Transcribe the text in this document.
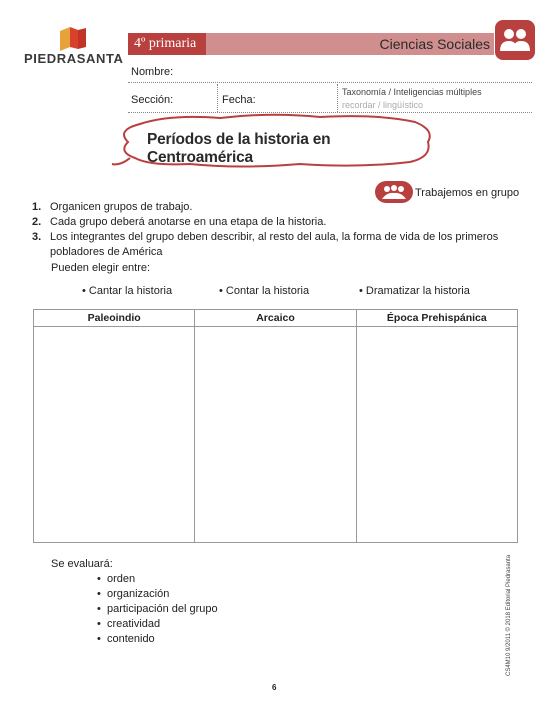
PIEDRASANTA
4º primaria	Ciencias Sociales
Nombre:
Sección:	Fecha:
Taxonomía / Inteligencias múltiples
recordar / lingüístico
Períodos de la historia en Centroamérica
Trabajemos en grupo
1. Organicen grupos de trabajo.
2. Cada grupo deberá anotarse en una etapa de la historia.
3. Los integrantes del grupo deben describir, al resto del aula, la forma de vida de los primeros
pobladores de América
Pueden elegir entre:
• Cantar la historia	• Contar la historia	• Dramatizar la historia
Paleoindio	Arcaico	Época Prehispánica

Se evaluará:
•  orden
•  organización
•  participación del grupo
•  creatividad
•  contenido	CS4M10 9/2011 © 2018 Editorial Piedrasanta
6
